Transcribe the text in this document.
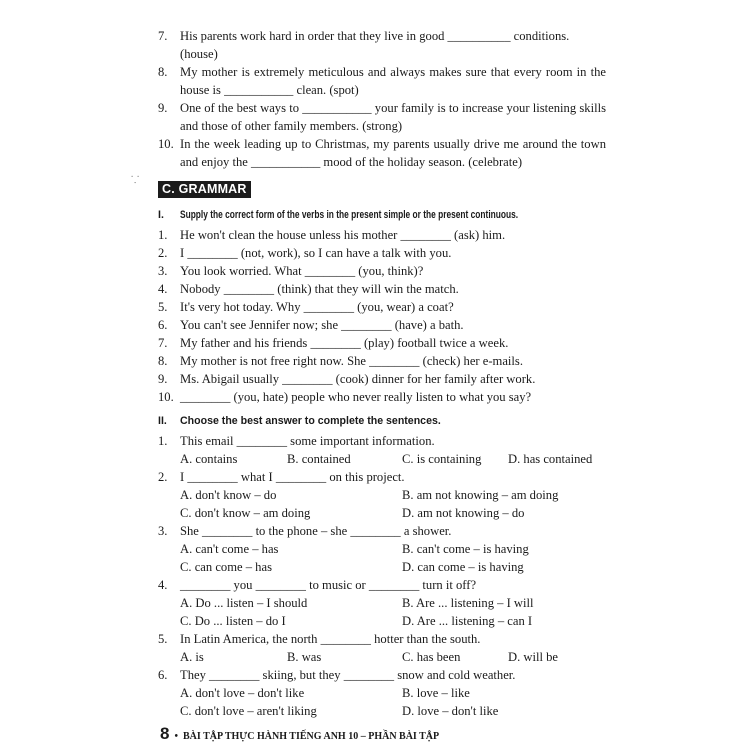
⸪
7. His parents work hard in order that they live in good __________ conditions. (house)
8. My mother is extremely meticulous and always makes sure that every room in the
house is ___________ clean. (spot)
9. One of the best ways to ___________ your family is to increase your listening skills
and those of other family members. (strong)
10. In the week leading up to Christmas, my parents usually drive me around the town
and enjoy the ___________ mood of the holiday season. (celebrate)
C. GRAMMAR
I.	Supply the correct form of the verbs in the present simple or the present continuous.
1. He won't clean the house unless his mother ________ (ask) him.
2. I ________ (not, work), so I can have a talk with you.
3. You look worried. What ________ (you, think)?
4. Nobody ________ (think) that they will win the match.
5. It's very hot today. Why ________ (you, wear) a coat?
6. You can't see Jennifer now; she ________ (have) a bath.
7. My father and his friends ________ (play) football twice a week.
8. My mother is not free right now. She ________ (check) her e-mails.
9. Ms. Abigail usually ________ (cook) dinner for her family after work.
10. ________ (you, hate) people who never really listen to what you say?
II.	Choose the best answer to complete the sentences.
1. This email ________ some important information.
A. contains	B. contained	C. is containing	D. has contained
2. I ________ what I ________ on this project.
A. don't know – do	B. am not knowing – am doing
C. don't know – am doing	D. am not knowing – do
3. She ________ to the phone – she ________ a shower.
A. can't come – has	B. can't come – is having
C. can come – has	D. can come – is having
4. ________ you ________ to music or ________ turn it off?
A. Do ... listen – I should	B. Are ... listening – I will
C. Do ... listen – do I	D. Are ... listening – can I
5. In Latin America, the north ________ hotter than the south.
A. is	B. was	C. has been	D. will be
6. They ________ skiing, but they ________ snow and cold weather.
A. don't love – don't like	B. love – like
C. don't love – aren't liking	D. love – don't like
8 • BÀI TẬP THỰC HÀNH TIẾNG ANH 10 – PHẦN BÀI TẬP
